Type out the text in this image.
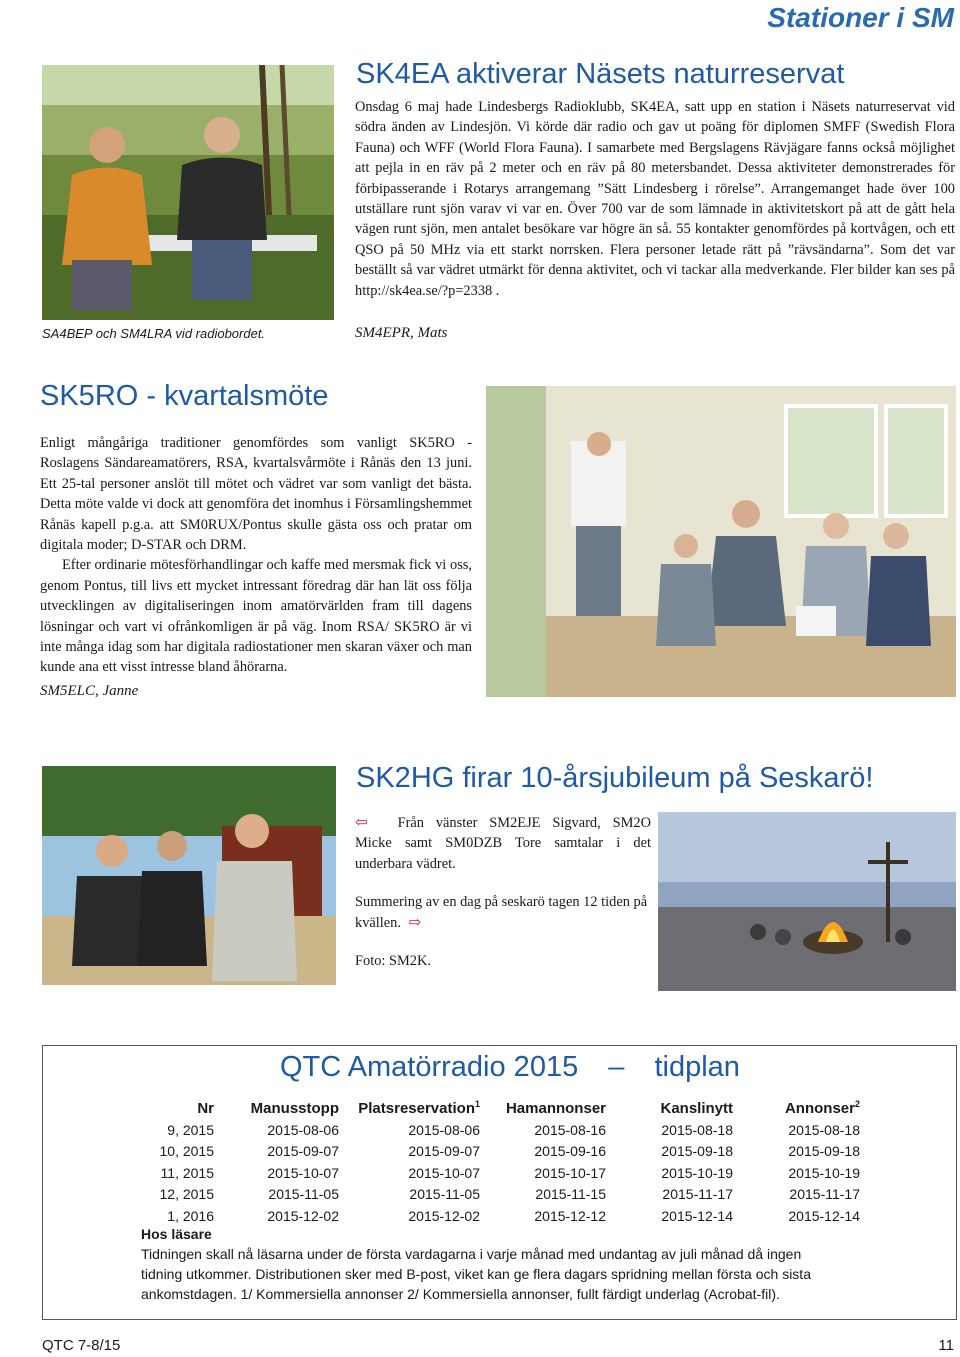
Stationer i SM
SA4BEP och SM4LRA vid radiobordet.
SK4EA aktiverar Näsets naturreservat

Onsdag 6 maj hade Lindesbergs Radioklubb, SK4EA, satt upp en station i Näsets naturreservat vid södra änden av Lindesjön. Vi körde där radio och gav ut poäng för diplomen SMFF (Swedish Flora Fauna) och WFF (World Flora Fauna). I samarbete med Bergslagens Rävjägare fanns också möjlighet att pejla in en räv på 2 meter och en räv på 80 metersbandet. Dessa aktiviteter demonstrerades för förbipasserande i Rotarys arrangemang ”Sätt Lindesberg i rörelse”. Arrangemanget hade över 100 utställare runt sjön varav vi var en. Över 700 var de som lämnade in aktivitetskort på att de gått hela vägen runt sjön, men antalet besökare var högre än så. 55 kontakter genomfördes på kortvågen, och ett QSO på 50 MHz via ett starkt norrsken. Flera personer letade rätt på ”rävsändarna”. Som det var beställt så var vädret utmärkt för denna aktivitet, och vi tackar alla medverkande. Fler bilder kan ses på http://sk4ea.se/?p=2338 .

SM4EPR, Mats
SK5RO - kvartalsmöte

Enligt mångåriga traditioner genomfördes som vanligt SK5RO - Roslagens Sändareamatörers, RSA, kvartalsvårmöte i Rånäs den 13 juni. Ett 25-tal personer anslöt till mötet och vädret var som vanligt det bästa. Detta möte valde vi dock att genomföra det inomhus i Församlingshemmet Rånäs kapell p.g.a. att SM0RUX/Pontus skulle gästa oss och pratar om digitala moder; D-STAR och DRM.

Efter ordinarie mötesförhandlingar och kaffe med mersmak fick vi oss, genom Pontus, till livs ett mycket intressant föredrag där han lät oss följa utvecklingen av digitaliseringen inom amatörvärlden fram till dagens lösningar och vart vi ofrånkomligen är på väg. Inom RSA/ SK5RO är vi inte många idag som har digitala radiostationer men skaran växer och man kunde ana ett visst intresse bland åhörarna.

SM5ELC, Janne
SK2HG firar 10-årsjubileum på Seskarö!
⇦ Från vänster SM2EJE Sigvard, SM2O Micke samt SM0DZB Tore samtalar i det underbara vädret.
Summering av en dag på seskarö tagen 12 tiden på kvällen. ⇨
Foto: SM2K.
QTC Amatörradio 2015 – tidplan
Nr	Manusstopp	Platsreservation$^1$	Hamannonser	Kanslinytt	Annonser$^2$
9, 2015	2015-08-06	2015-08-06	2015-08-16	2015-08-18	2015-08-18
10, 2015	2015-09-07	2015-09-07	2015-09-16	2015-09-18	2015-09-18
11, 2015	2015-10-07	2015-10-07	2015-10-17	2015-10-19	2015-10-19
12, 2015	2015-11-05	2015-11-05	2015-11-15	2015-11-17	2015-11-17
1, 2016	2015-12-02	2015-12-02	2015-12-12	2015-12-14	2015-12-14
Hos läsare
Tidningen skall nå läsarna under de första vardagarna i varje månad med undantag av juli månad då ingen tidning utkommer. Distributionen sker med B-post, viket kan ge flera dagars spridning mellan första och sista ankomstdagen. 1/ Kommersiella annonser 2/ Kommersiella annonser, fullt färdigt underlag (Acrobat-fil).
QTC 7-8/15	11
